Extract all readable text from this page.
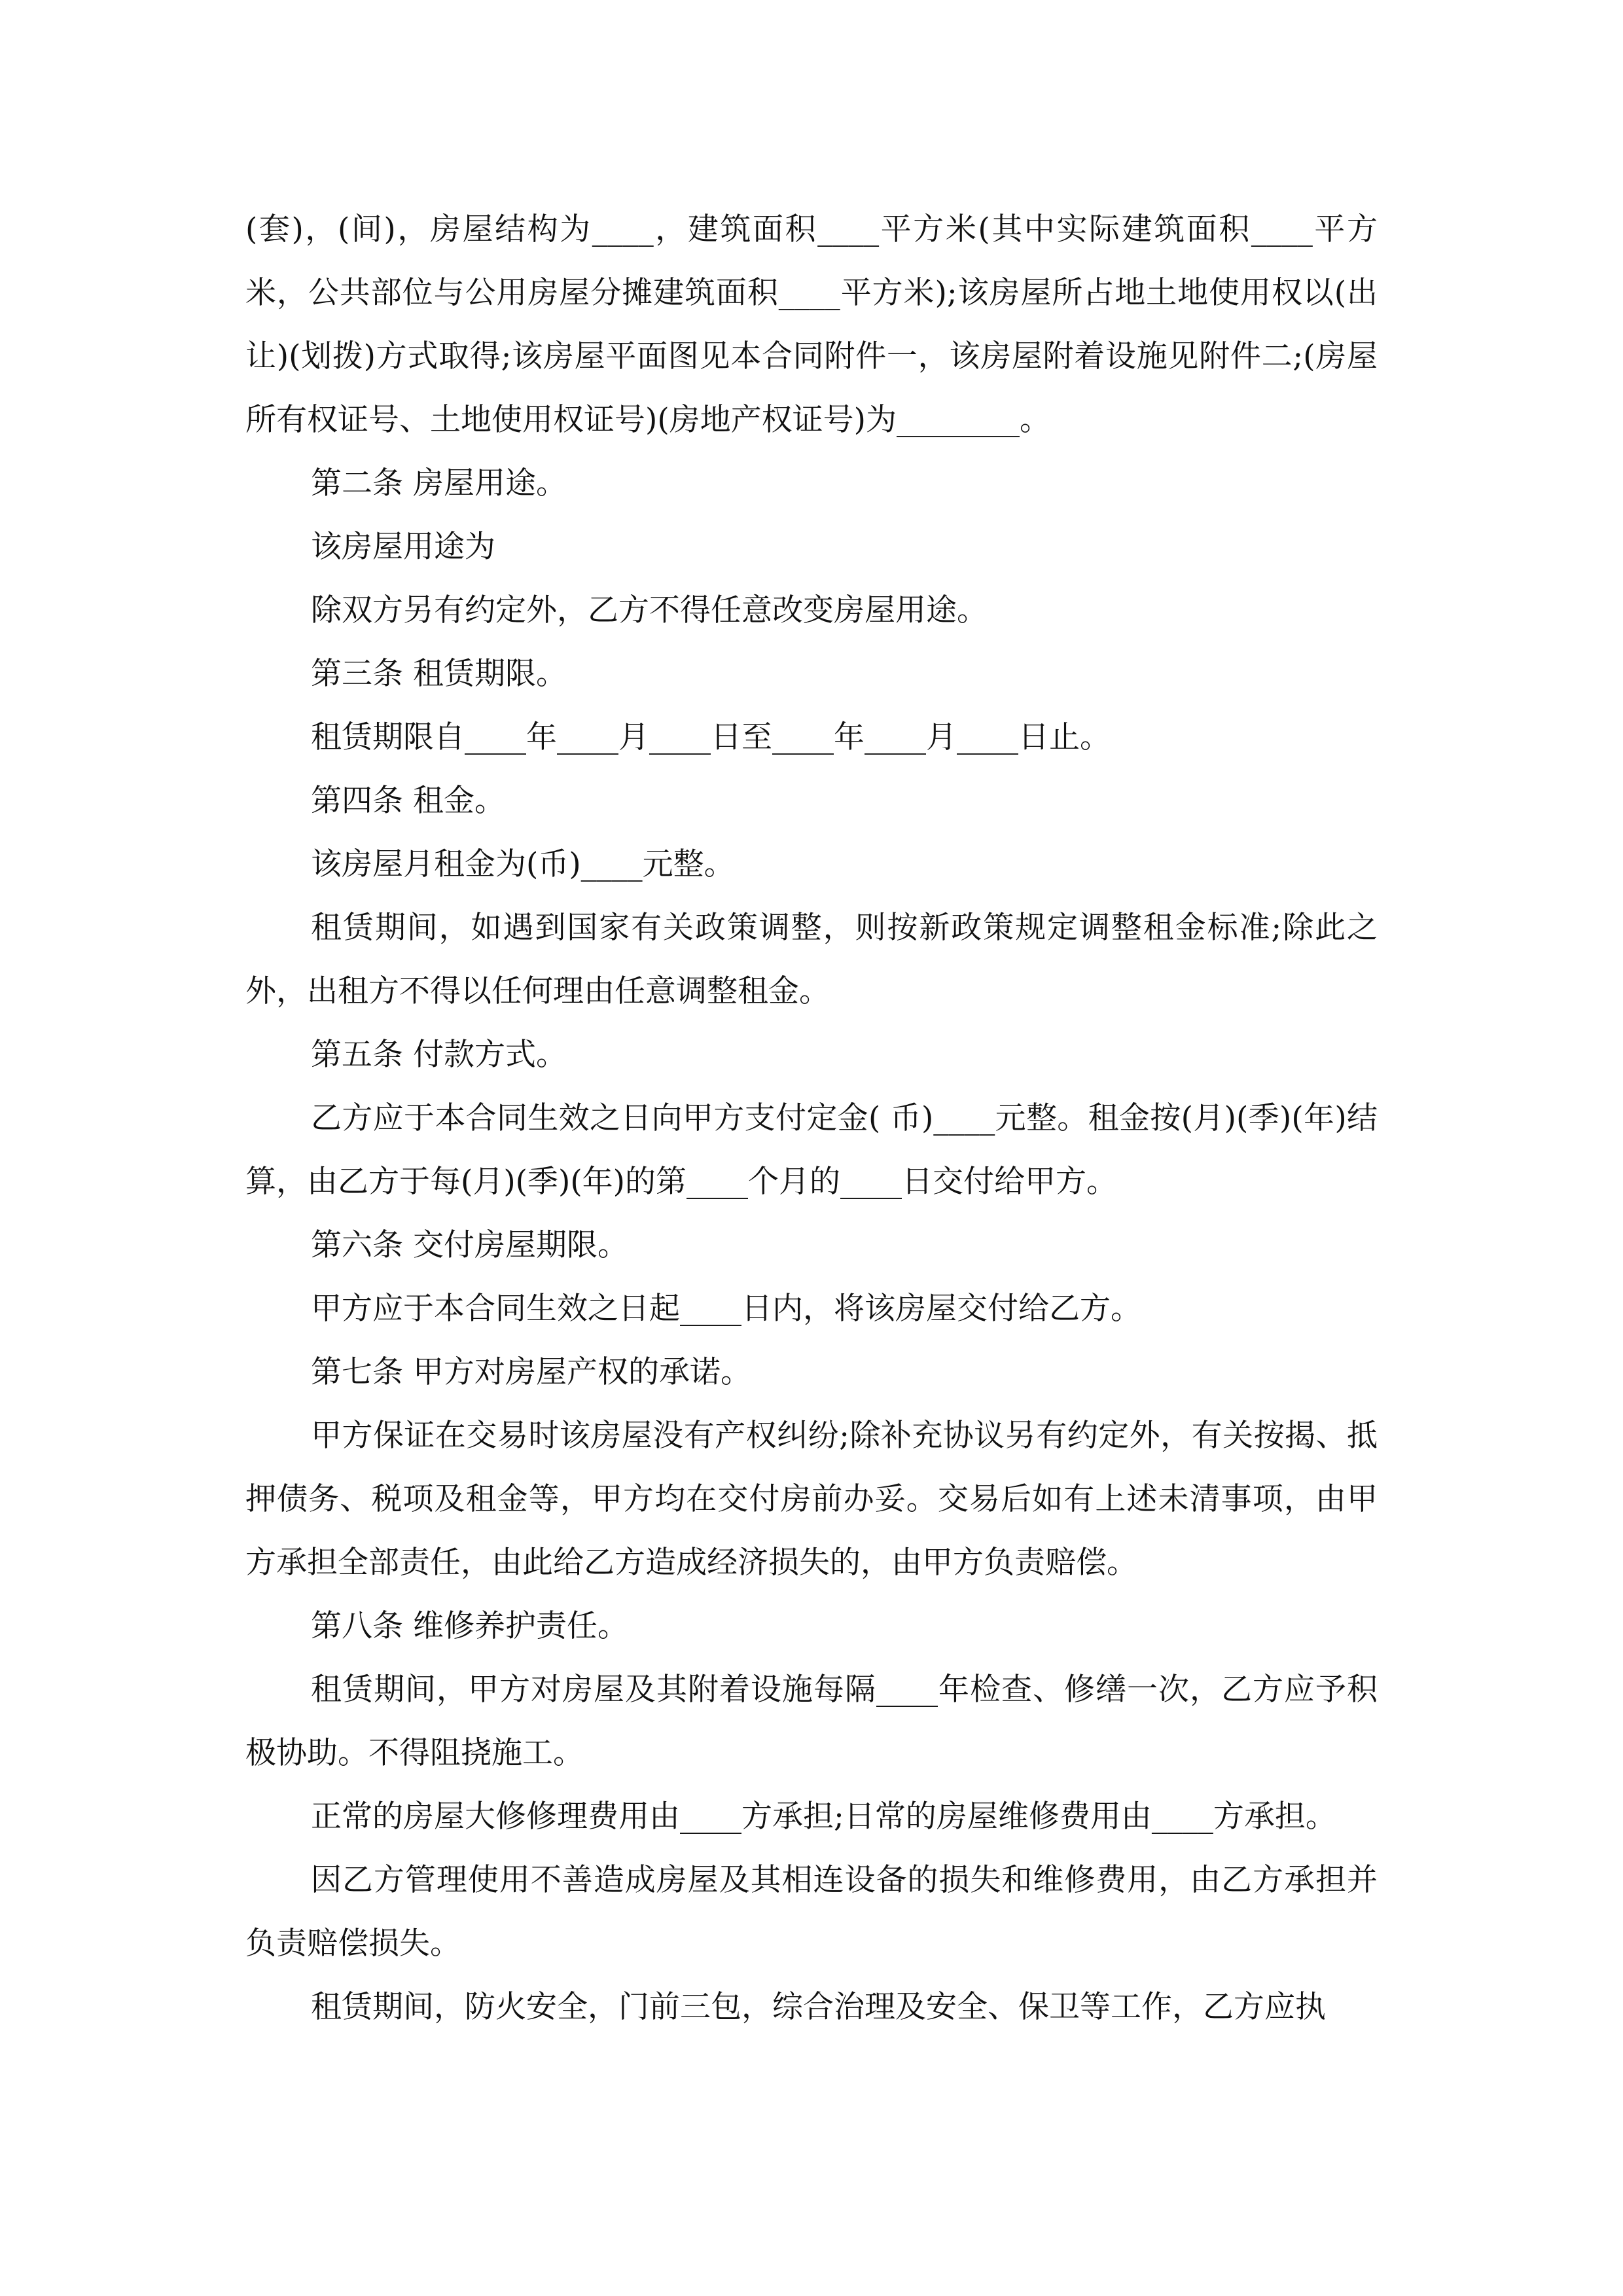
(套)，(间)，房屋结构为____，建筑面积____平方米(其中实际建筑面积____平方米，公共部位与公用房屋分摊建筑面积____平方米);该房屋所占地土地使用权以(出让)(划拨)方式取得;该房屋平面图见本合同附件一，该房屋附着设施见附件二;(房屋所有权证号、土地使用权证号)(房地产权证号)为________。

第二条 房屋用途。

该房屋用途为

除双方另有约定外，乙方不得任意改变房屋用途。

第三条 租赁期限。

租赁期限自____年____月____日至____年____月____日止。

第四条 租金。

该房屋月租金为(币)____元整。

租赁期间，如遇到国家有关政策调整，则按新政策规定调整租金标准;除此之外，出租方不得以任何理由任意调整租金。

第五条 付款方式。

乙方应于本合同生效之日向甲方支付定金( 币)____元整。租金按(月)(季)(年)结算，由乙方于每(月)(季)(年)的第____个月的____日交付给甲方。

第六条 交付房屋期限。

甲方应于本合同生效之日起____日内，将该房屋交付给乙方。

第七条 甲方对房屋产权的承诺。

甲方保证在交易时该房屋没有产权纠纷;除补充协议另有约定外，有关按揭、抵押债务、税项及租金等，甲方均在交付房前办妥。交易后如有上述未清事项，由甲方承担全部责任，由此给乙方造成经济损失的，由甲方负责赔偿。

第八条 维修养护责任。

租赁期间，甲方对房屋及其附着设施每隔____年检查、修缮一次，乙方应予积极协助。不得阻挠施工。

正常的房屋大修修理费用由____方承担;日常的房屋维修费用由____方承担。

因乙方管理使用不善造成房屋及其相连设备的损失和维修费用，由乙方承担并负责赔偿损失。

租赁期间，防火安全，门前三包，综合治理及安全、保卫等工作，乙方应执
